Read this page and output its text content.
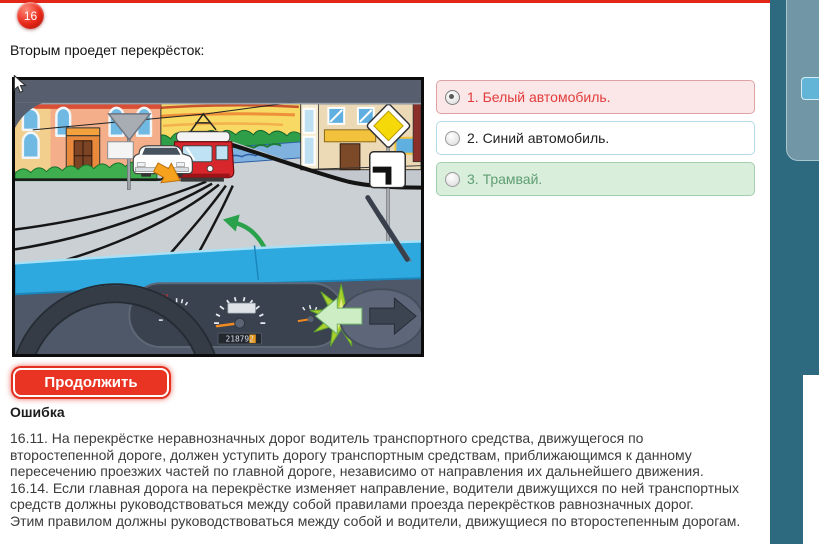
16
Вторым проедет перекрёсток:
7 8
218792
1. Белый автомобиль.
2. Синий автомобиль.
3. Трамвай.
Продолжить
Ошибка
16.11. На перекрёстке неравнозначных дорог водитель транспортного средства, движущегося по
второстепенной дороге, должен уступить дорогу транспортным средствам, приближающимся к данному
пересечению проезжих частей по главной дороге, независимо от направления их дальнейшего движения.
16.14. Если главная дорога на перекрёстке изменяет направление, водители движущихся по ней транспортных
средств должны руководствоваться между собой правилами проезда перекрёстков равнозначных дорог.
Этим правилом должны руководствоваться между собой и водители, движущиеся по второстепенным дорогам.
